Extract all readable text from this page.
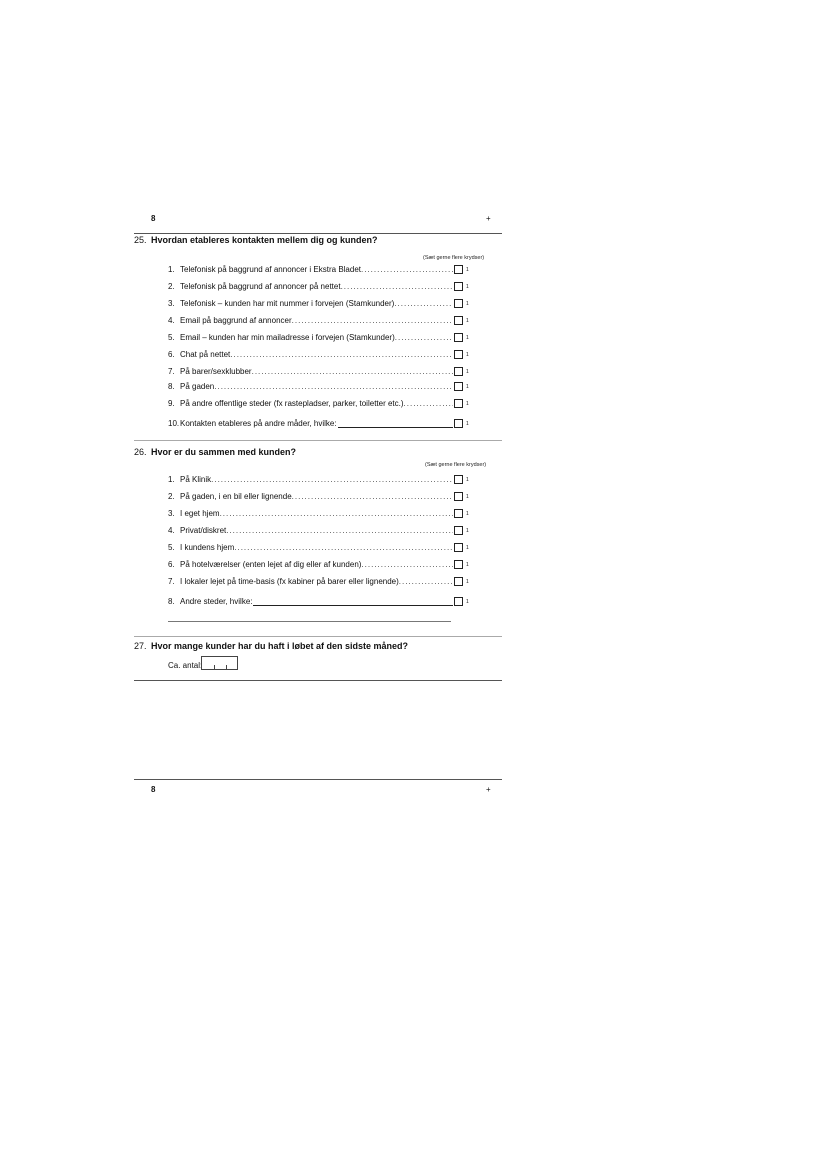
8	+
25. Hvordan etableres kontakten mellem dig og kunden?
(Sæt gerne flere krydser)
1. Telefonisk på baggrund af annoncer i Ekstra Bladet .....	1
2. Telefonisk på baggrund af annoncer på nettet .....	1
3. Telefonisk – kunden har mit nummer i forvejen (Stamkunder) .....	1
4. Email på baggrund af annoncer .....	1
5. Email – kunden har min mailadresse i forvejen (Stamkunder) .....	1
6. Chat på nettet .....	1
7. På barer/sexklubber .....	1
8. På gaden .....	1
9. På andre offentlige steder (fx rastepladser, parker, toiletter etc.) .....	1
10. Kontakten etableres på andre måder, hvilke:	1
26. Hvor er du sammen med kunden?
(Sæt gerne flere krydser)
1. På Klinik .....	1
2. På gaden, i en bil eller lignende .....	1
3. I eget hjem .....	1
4. Privat/diskret .....	1
5. I kundens hjem .....	1
6. På hotelværelser (enten lejet af dig eller af kunden) .....	1
7. I lokaler lejet på time-basis (fx kabiner på barer eller lignende) .....	1
8. Andre steder, hvilke:	1
27. Hvor mange kunder har du haft i løbet af den sidste måned?
Ca. antal:
8	+
